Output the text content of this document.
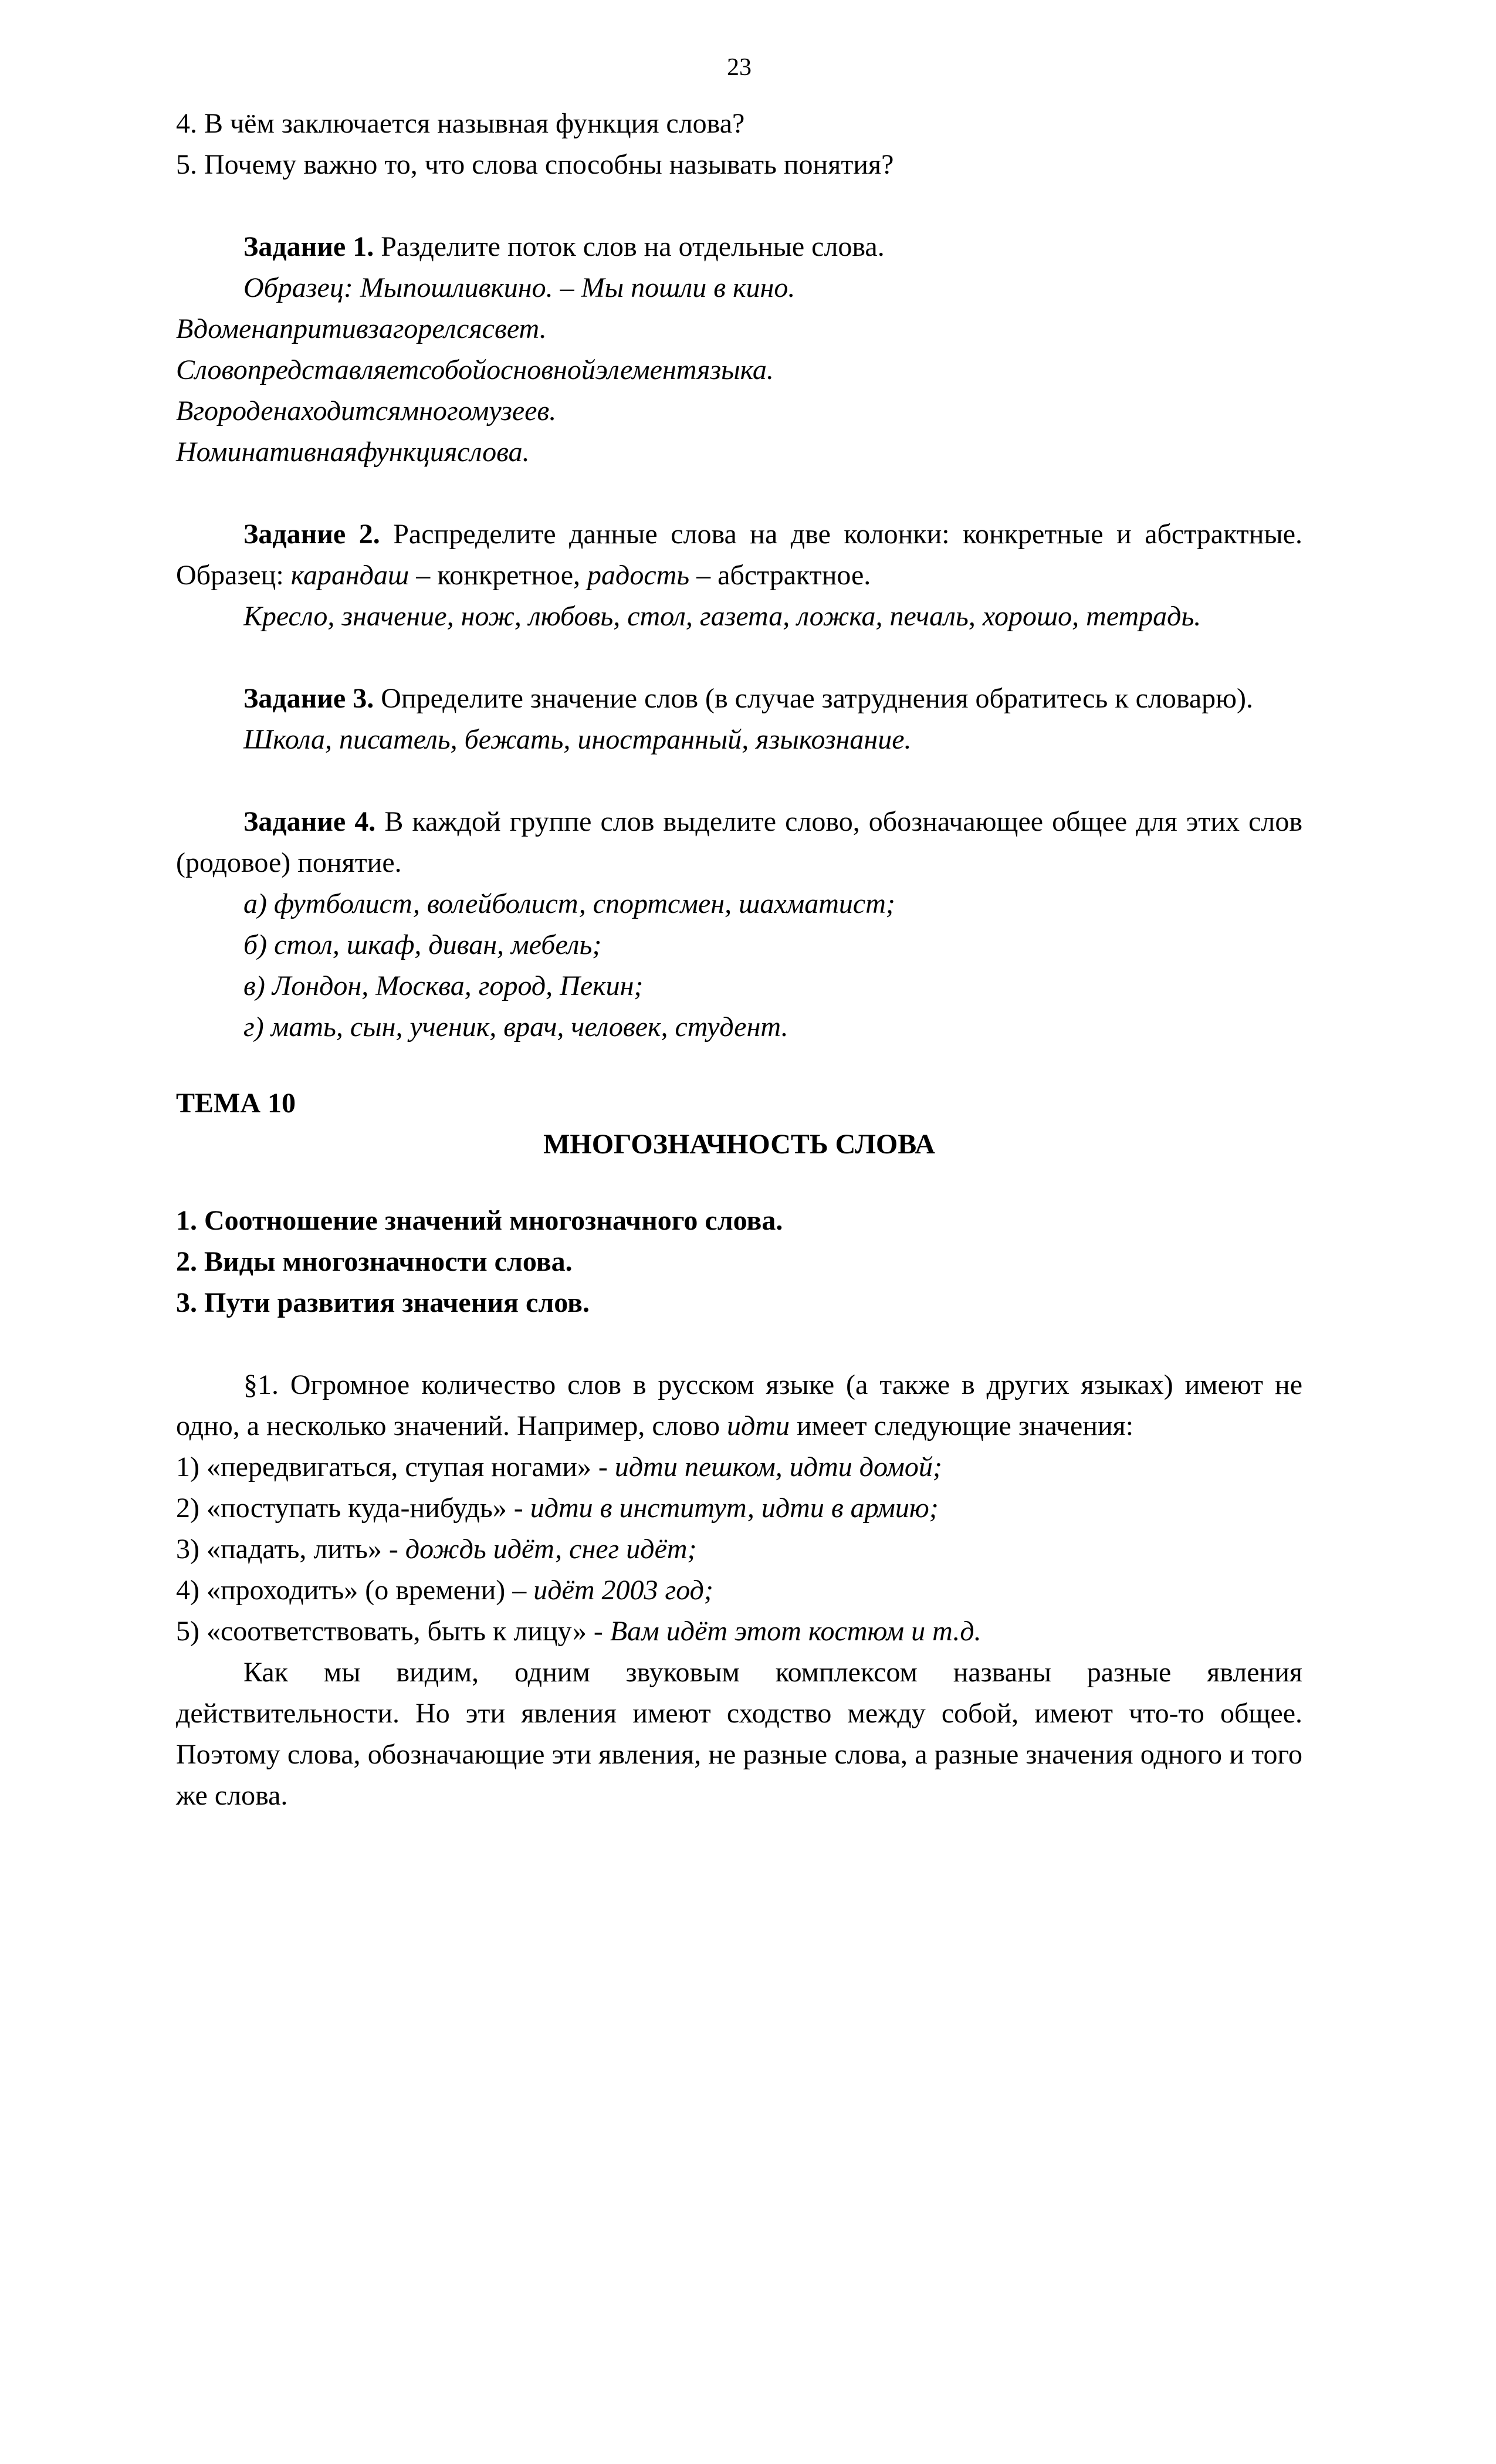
23

4. В чём заключается назывная функция слова?

5. Почему важно то, что слова способны называть понятия?

Задание 1. Разделите поток слов на отдельные слова.

Образец: Мыпошливкино. – Мы пошли в кино.

Вдоменапритивзагорелсясвет.

Словопредставляетсобойосновнойэлементязыка.

Вгороденаходитсямногомузеев.

Номинативнаяфункцияслова.

Задание 2. Распределите данные слова на две колонки: конкретные и абстрактные. Образец: карандаш – конкретное, радость – абстрактное.

Кресло, значение, нож, любовь, стол, газета, ложка, печаль, хорошо, тетрадь.

Задание 3. Определите значение слов (в случае затруднения обратитесь к словарю).

Школа, писатель, бежать, иностранный, языкознание.

Задание 4. В каждой группе слов выделите слово, обозначающее общее для этих слов (родовое) понятие.

а) футболист, волейболист, спортсмен, шахматист;

б) стол, шкаф, диван, мебель;

в) Лондон, Москва, город, Пекин;

г) мать, сын, ученик, врач, человек, студент.

ТЕМА 10

МНОГОЗНАЧНОСТЬ СЛОВА

1. Соотношение значений многозначного слова.

2. Виды многозначности слова.

3. Пути развития значения слов.

§1. Огромное количество слов в русском языке (а также в других языках) имеют не одно, а несколько значений. Например, слово идти имеет следующие значения:

1) «передвигаться, ступая ногами» - идти пешком, идти домой;

2) «поступать куда-нибудь» - идти в институт, идти в армию;

3) «падать, лить» - дождь идёт, снег идёт;

4) «проходить» (о времени) – идёт 2003 год;

5) «соответствовать, быть к лицу» - Вам идёт этот костюм и т.д.

Как мы видим, одним звуковым комплексом названы разные явления действительности. Но эти явления имеют сходство между собой, имеют что-то общее. Поэтому слова, обозначающие эти явления, не разные слова, а разные значения одного и того же слова.
